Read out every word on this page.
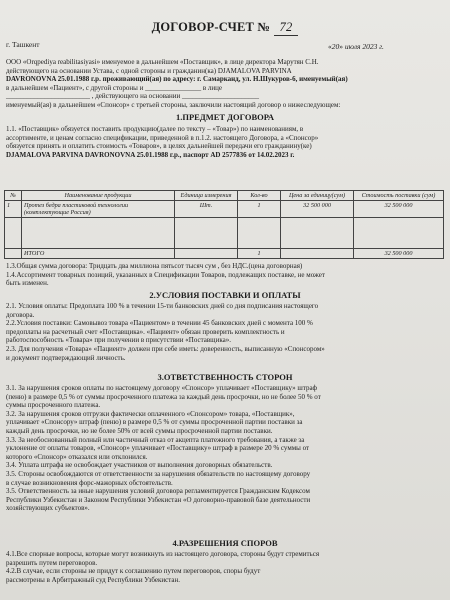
ДОГОВОР-СЧЕТ № 72
г. Ташкент	«20» июля 2023 г.
ООО «Orqpediya reabilitasiyasi» именуемое в дальнейшем «Поставщик», в лице директора Марутян С.Н.
действующего на основании Устава, с одной стороны и гражданин(ка) DJAMALOVA PARVINA
DAVRONOVNA 25.01.1988 г.р. проживающий(ая) по адресу: г. Самарканд, ул. Н.Шукуров-6, именуемый(ая)
в дальнейшем «Пациент», с другой стороны и ________________ в лице
________________________ , действующего на основании ______________________
именуемый(ая) в дальнейшем «Спонсор» с третьей стороны, заключили настоящий договор о нижеследующем:
1.ПРЕДМЕТ ДОГОВОРА
1.1. «Поставщик» обязуется поставить продукцию(далее по тексту – «Товар») по наименованиям, в
ассортименте, и ценам согласно спецификации, приведенной в п.1.2. настоящего Договора, а «Спонсор»
обязуется принять и оплатить стоимость «Товаров», в целях дальнейшей передачи его гражданину(ке)
DJAMALOVA PARVINA DAVRONOVNA 25.01.1988 г.р., паспорт AD 2577836 от 14.02.2023 г.
№	Наименование продукции	Единица измерения	Кол-во	Цена за единицу(сум)	Стоимость поставки (сум)
1	Протез бедра пластиковой технологии (комплектующие Россия)	Шт.	1	32 500 000	32 500 000

	ИТОГО		1		32 500 000
1.3.Общая сумма договора: Тридцать два миллиона пятьсот тысяч сум , без НДС.(цена договорная)
1.4.Ассортимент товарных позиций, указанных в Спецификации Товаров, подлежащих поставке, не может
быть изменен.
2.УСЛОВИЯ ПОСТАВКИ И ОПЛАТЫ
2.1. Условия оплаты: Предоплата 100 % в течении 15-ти банковских дней со дня подписания настоящего
договора.
2.2.Условия поставки: Самовывоз товара «Пациентом» в течении 45 банковских дней с момента 100 %
предоплаты на расчетный счет «Поставщика». «Пациент» обязан проверить комплектность и
работоспособность «Товара» при получении в присутствии «Поставщика».
2.3. Для получения «Товара» «Пациент» должен при себе иметь: доверенность, выписанную «Спонсором»
и документ подтверждающий личность.
3.ОТВЕТСТВЕННОСТЬ СТОРОН
3.1. За нарушения сроков оплаты по настоящему договору «Спонсор» уплачивает «Поставщику» штраф
(пеню) в размере 0,5 % от суммы просроченного платежа за каждый день просрочки, но не более 50 % от
суммы просроченного платежа.
3.2. За нарушения сроков отгрузки фактически оплаченного «Спонсором» товара, «Поставщик»,
уплачивает «Спонсору» штраф (пеню) в размере 0,5 % от суммы просроченной партии поставки за
каждый день просрочки, но не более 50% от всей суммы просроченной партии поставки.
3.3. За необоснованный полный или частичный отказ от акцепта платежного требования, а также за
уклонение от оплаты товаров, «Спонсор» уплачивает «Поставщику» штраф в размере 20 % суммы от
которого «Спонсор» отказался или отклонился.
3.4. Уплата штрафа не освобождает участников от выполнения договорных обязательств.
3.5. Стороны освобождаются от ответственности за нарушения обязательств по настоящему договору
в случае возникновения форс-мажорных обстоятельств.
3.5. Ответственность за иные нарушения условий договора регламентируется Гражданским Кодексом
Республики Узбекистан и Законом Республики Узбекистан «О договорно-правовой базе деятельности
хозяйствующих субъектов».
4.РАЗРЕШЕНИЯ СПОРОВ
4.1.Все спорные вопросы, которые могут возникнуть из настоящего договора, стороны будут стремиться
разрешить путем переговоров.
4.2.В случае, если стороны не придут к соглашению путем переговоров, споры будут
рассмотрены в Арбитражный суд Республики Узбекистан.
